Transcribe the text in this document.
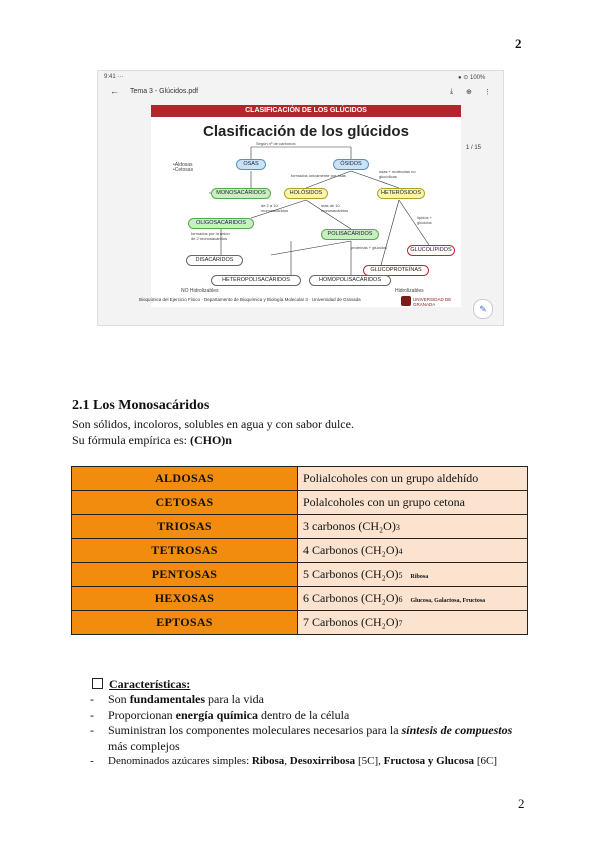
2
9:41 ···	● ⊙ 100%
← Tema 3 - Glúcidos.pdf	⤓ ⊕ ⋮
1 / 15
CLASIFICACIÓN DE LOS GLÚCIDOS
Clasificación de los glúcidos
Según nº de carbonos
•Aldosas
•Cetosas
OSAS	ÓSIDOS
formados únicamente por osas
osas + moléculas no glucídicas
MONOSACÁRIDOS	HOLÓSIDOS	HETERÓSIDOS
de 2 a 10 monosacáridos
más de 10 monosacáridos
OLIGOSACÁRIDOS
POLISACÁRIDOS
formados por la unión de 2 monosacáridos
lípidos + glúcidos
DISACÁRIDOS
GLUCOLÍPIDOS
proteínas + glúcidos
GLUCOPROTEÍNAS
HETEROPOLISACÁRIDOS	HOMOPOLISACÁRIDOS
NO Hidrolizables	Hidrolizables
Bioquímica del Ejercicio Físico · Departamento de Bioquímica y Biología Molecular 3 · Universidad de Granada	UNIVERSIDAD DE GRANADA	✎
2.1 Los Monosacáridos
Son sólidos, incoloros, solubles en agua y con sabor dulce.
Su fórmula empírica es: (CHO)n
ALDOSAS	Polialcoholes con un grupo aldehído
CETOSAS	Polalcoholes con un grupo cetona
TRIOSAS	3 carbonos (CH₂O)3
TETROSAS	4 Carbonos (CH₂O)4
PENTOSAS	5 Carbonos (CH₂O)5 Ribosa
HEXOSAS	6 Carbonos (CH₂O)6 Glucosa, Galactosa, Fructosa
EPTOSAS	7 Carbonos (CH₂O)7
Características:
- Son fundamentales para la vida
- Proporcionan energía química dentro de la célula
- Suministran los componentes moleculares necesarios para la síntesis de compuestos más complejos
- Denominados azúcares simples: Ribosa, Desoxirribosa [5C], Fructosa y Glucosa [6C]
2
